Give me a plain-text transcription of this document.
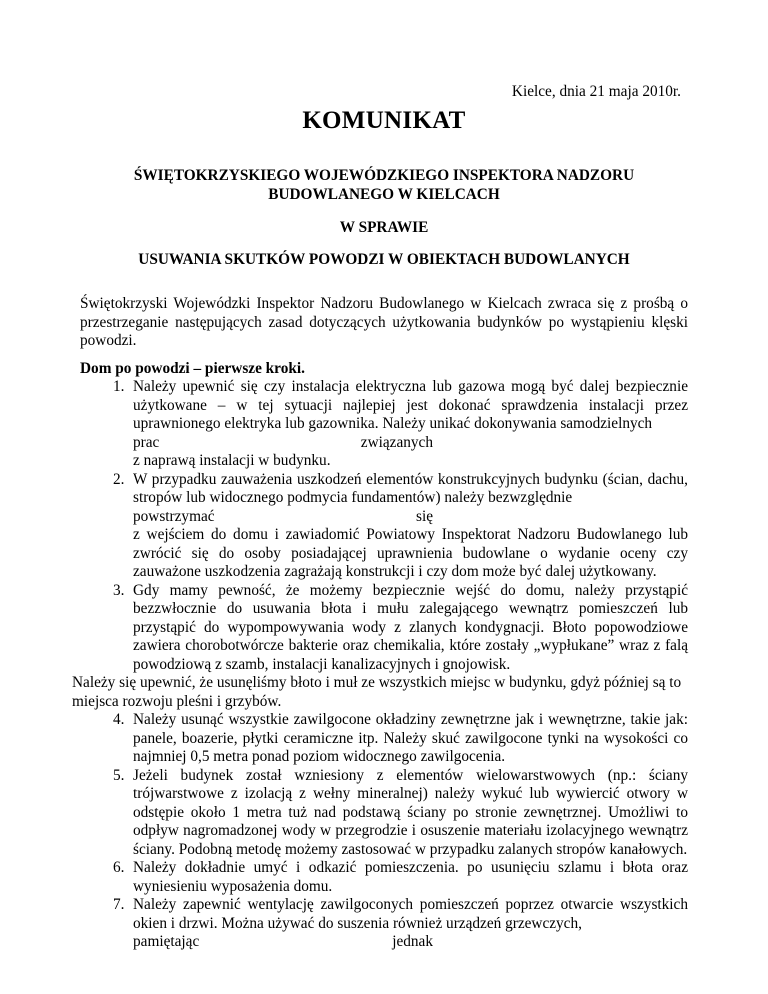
Kielce, dnia 21 maja 2010r.
KOMUNIKAT
ŚWIĘTOKRZYSKIEGO WOJEWÓDZKIEGO INSPEKTORA NADZORU
BUDOWLANEGO W KIELCACH
W SPRAWIE
USUWANIA SKUTKÓW POWODZI W OBIEKTACH BUDOWLANYCH

Świętokrzyski Wojewódzki Inspektor Nadzoru Budowlanego w Kielcach zwraca się z prośbą o przestrzeganie następujących zasad dotyczących użytkowania budynków po wystąpieniu klęski powodzi.

Dom po powodzi – pierwsze kroki.

1. Należy upewnić się czy instalacja elektryczna lub gazowa mogą być dalej bezpiecznie użytkowane – w tej sytuacji najlepiej jest dokonać sprawdzenia instalacji przez uprawnionego elektryka lub gazownika. Należy unikać dokonywania samodzielnych
prac	związanych
z naprawą instalacji w budynku.
2. W przypadku zauważenia uszkodzeń elementów konstrukcyjnych budynku (ścian, dachu, stropów lub widocznego podmycia fundamentów) należy bezwzględnie
powstrzymać	się
z wejściem do domu i zawiadomić Powiatowy Inspektorat Nadzoru Budowlanego lub zwrócić się do osoby posiadającej uprawnienia budowlane o wydanie oceny czy zauważone uszkodzenia zagrażają konstrukcji i czy dom może być dalej użytkowany.
3. Gdy mamy pewność, że możemy bezpiecznie wejść do domu, należy przystąpić bezzwłocznie do usuwania błota i mułu zalegającego wewnątrz pomieszczeń lub przystąpić do wypompowywania wody z zlanych kondygnacji. Błoto popowodziowe zawiera chorobotwórcze bakterie oraz chemikalia, które zostały „wypłukane” wraz z falą powodziową z szamb, instalacji kanalizacyjnych i gnojowisk.
Należy się upewnić, że usunęliśmy błoto i muł ze wszystkich miejsc w budynku, gdyż później są to miejsca rozwoju pleśni i grzybów.
4. Należy usunąć wszystkie zawilgocone okładziny zewnętrzne jak i wewnętrzne, takie jak: panele, boazerie, płytki ceramiczne itp. Należy skuć zawilgocone tynki na wysokości co najmniej 0,5 metra ponad poziom widocznego zawilgocenia.
5. Jeżeli budynek został wzniesiony z elementów wielowarstwowych (np.: ściany trójwarstwowe z izolacją z wełny mineralnej) należy wykuć lub wywiercić otwory w odstępie około 1 metra tuż nad podstawą ściany po stronie zewnętrznej. Umożliwi to odpływ nagromadzonej wody w przegrodzie i osuszenie materiału izolacyjnego wewnątrz ściany. Podobną metodę możemy zastosować w przypadku zalanych stropów kanałowych.
6. Należy dokładnie umyć i odkazić pomieszczenia. po usunięciu szlamu i błota oraz wyniesieniu wyposażenia domu.
7. Należy zapewnić wentylację zawilgoconych pomieszczeń poprzez otwarcie wszystkich okien i drzwi. Można używać do suszenia również urządzeń grzewczych,
pamiętając	jednak
